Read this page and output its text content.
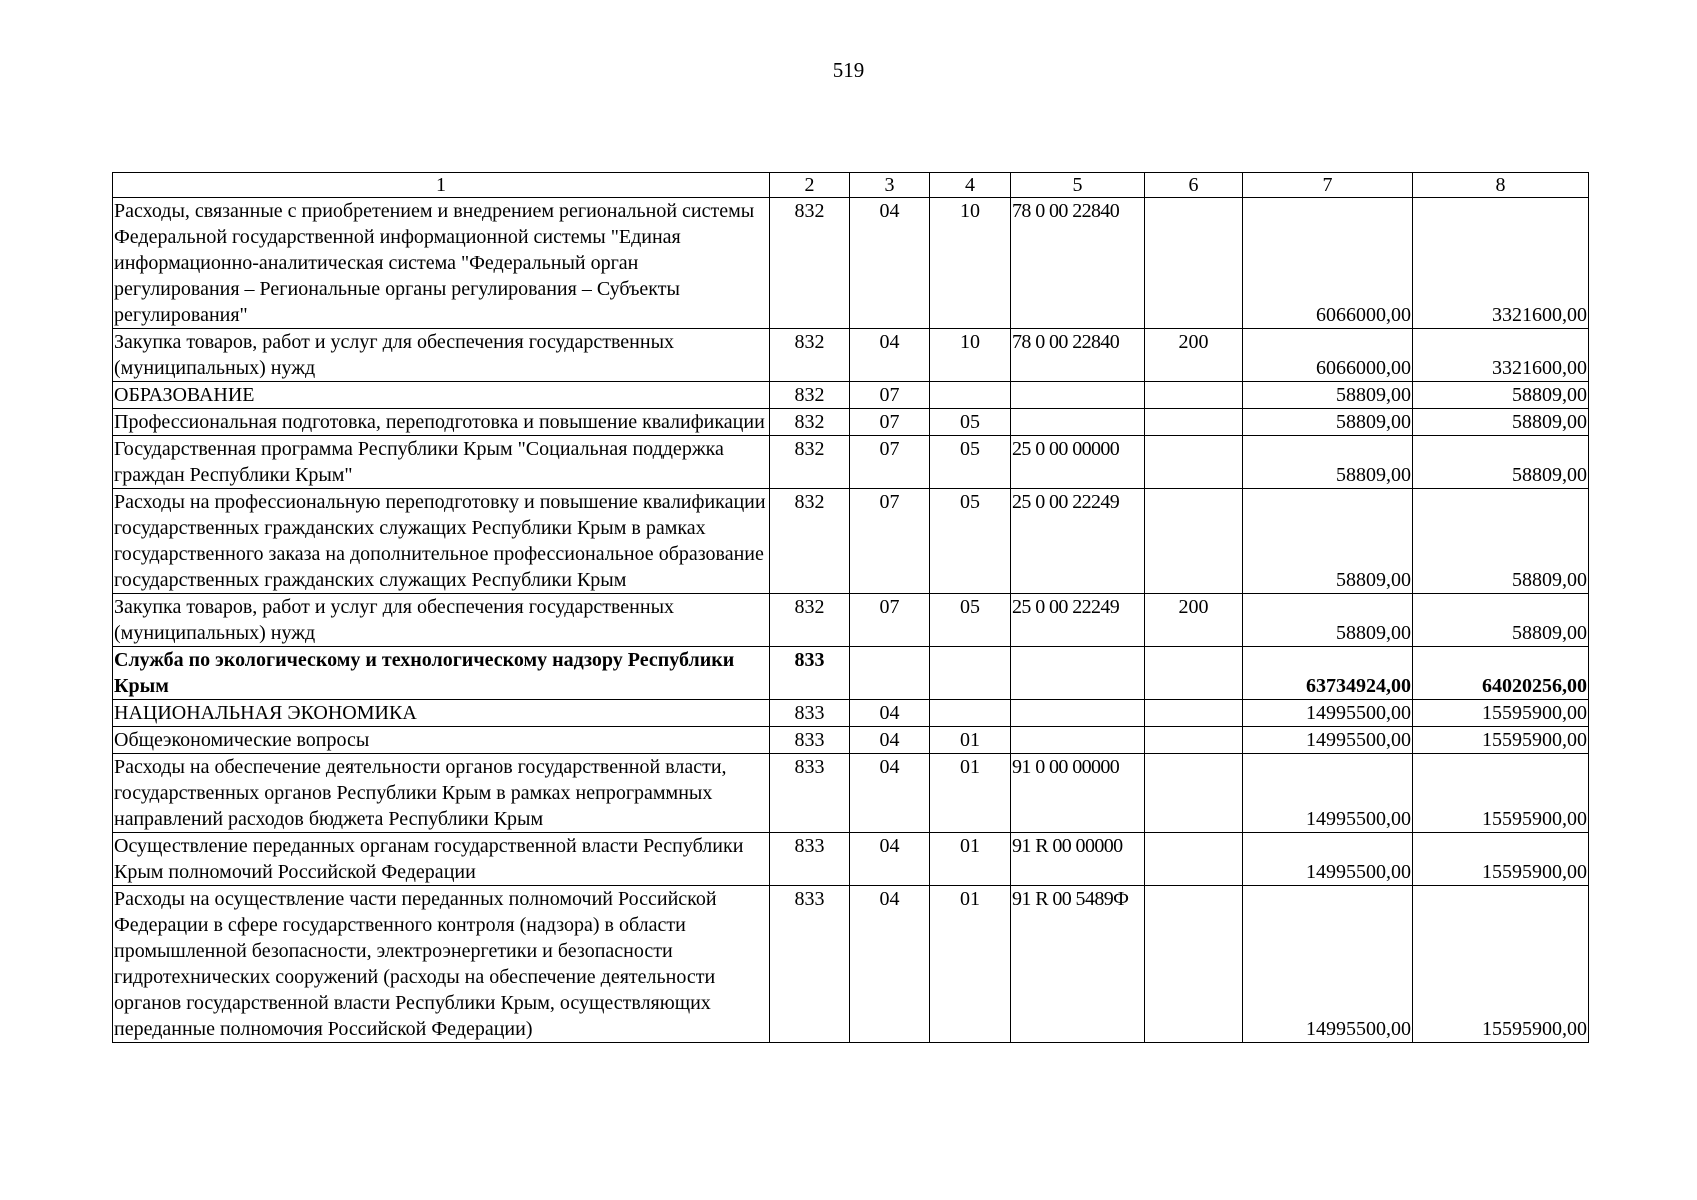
519
1	2	3	4	5	6	7	8
Расходы, связанные с приобретением и внедрением региональной системы Федеральной государственной информационной системы "Единая информационно-аналитическая система "Федеральный орган регулирования – Региональные органы регулирования – Субъекты регулирования"	832	04	10	78 0 00 22840		6066000,00	3321600,00
Закупка товаров, работ и услуг для обеспечения государственных (муниципальных) нужд	832	04	10	78 0 00 22840	200	6066000,00	3321600,00
ОБРАЗОВАНИЕ	832	07				58809,00	58809,00
Профессиональная подготовка, переподготовка и повышение квалификации	832	07	05			58809,00	58809,00
Государственная программа Республики Крым "Социальная поддержка граждан Республики Крым"	832	07	05	25 0 00 00000		58809,00	58809,00
Расходы на профессиональную переподготовку и повышение квалификации государственных гражданских служащих Республики Крым в рамках государственного заказа на дополнительное профессиональное образование государственных гражданских служащих Республики Крым	832	07	05	25 0 00 22249		58809,00	58809,00
Закупка товаров, работ и услуг для обеспечения государственных (муниципальных) нужд	832	07	05	25 0 00 22249	200	58809,00	58809,00
Служба по экологическому и технологическому надзору Республики Крым	833					63734924,00	64020256,00
НАЦИОНАЛЬНАЯ ЭКОНОМИКА	833	04				14995500,00	15595900,00
Общеэкономические вопросы	833	04	01			14995500,00	15595900,00
Расходы на обеспечение деятельности органов государственной власти, государственных органов Республики Крым в рамках непрограммных направлений расходов бюджета Республики Крым	833	04	01	91 0 00 00000		14995500,00	15595900,00
Осуществление переданных органам государственной власти Республики Крым полномочий Российской Федерации	833	04	01	91 R 00 00000		14995500,00	15595900,00
Расходы на осуществление части переданных полномочий Российской Федерации в сфере государственного контроля (надзора) в области промышленной безопасности, электроэнергетики и безопасности гидротехнических сооружений (расходы на обеспечение деятельности органов государственной власти Республики Крым, осуществляющих переданные полномочия Российской Федерации)	833	04	01	91 R 00 5489Ф		14995500,00	15595900,00
